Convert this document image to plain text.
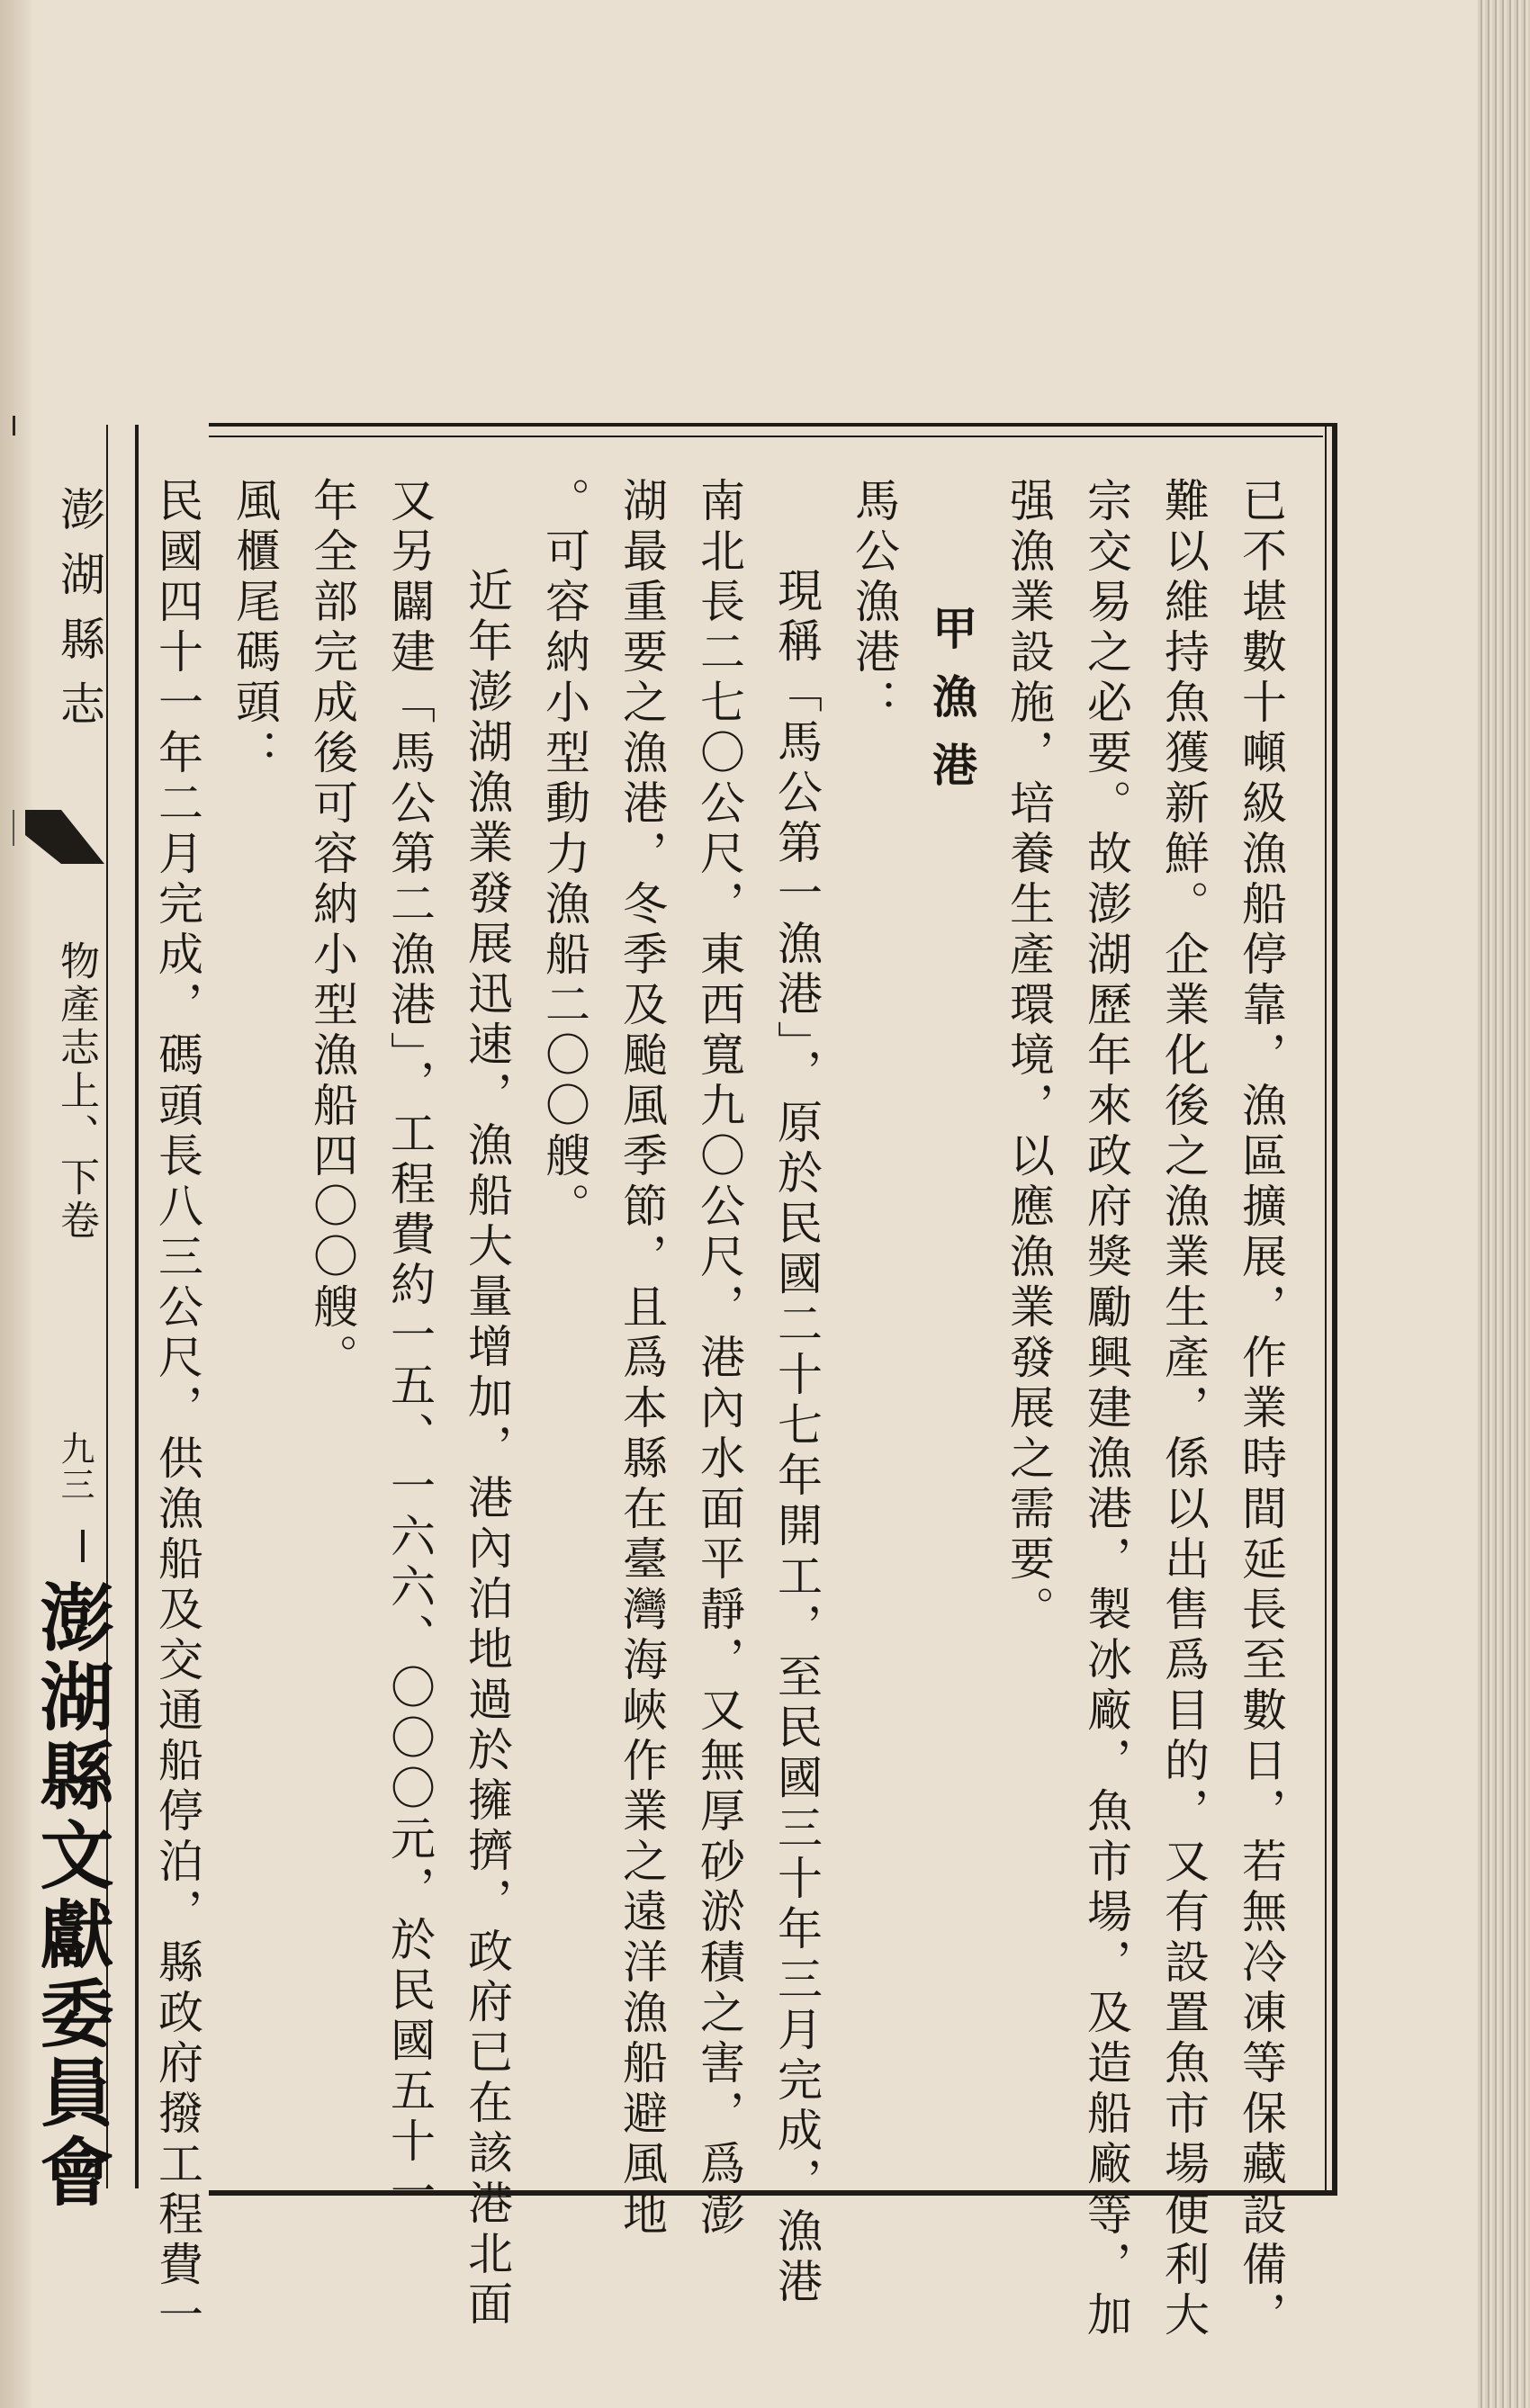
已不堪數十噸級漁船停靠，漁區擴展，作業時間延長至數日，若無冷凍等保藏設備，
難以維持魚獲新鮮。企業化後之漁業生產，係以出售爲目的，又有設置魚市場便利大
宗交易之必要。故澎湖歷年來政府獎勵興建漁港，製冰廠，魚市場，及造船廠等，加
强漁業設施，培養生產環境，以應漁業發展之需要。
甲漁港
馬公漁港：
現稱「馬公第一漁港」，原於民國二十七年開工，至民國三十年三月完成，漁港
南北長二七〇公尺，東西寬九〇公尺，港內水面平靜，又無厚砂淤積之害，爲澎
湖最重要之漁港，冬季及颱風季節，且爲本縣在臺灣海峽作業之遠洋漁船避風地
。可容納小型動力漁船二〇〇艘。
近年澎湖漁業發展迅速，漁船大量增加，港內泊地過於擁擠，政府已在該港北面
又另闢建「馬公第二漁港」，工程費約一五、一六六、〇〇〇元，於民國五十一
年全部完成後可容納小型漁船四〇〇艘。
風櫃尾碼頭：
民國四十一年二月完成，碼頭長八三公尺，供漁船及交通船停泊，縣政府撥工程費一
澎湖縣志
物產志上、下卷
九三
澎湖縣文獻委員會
